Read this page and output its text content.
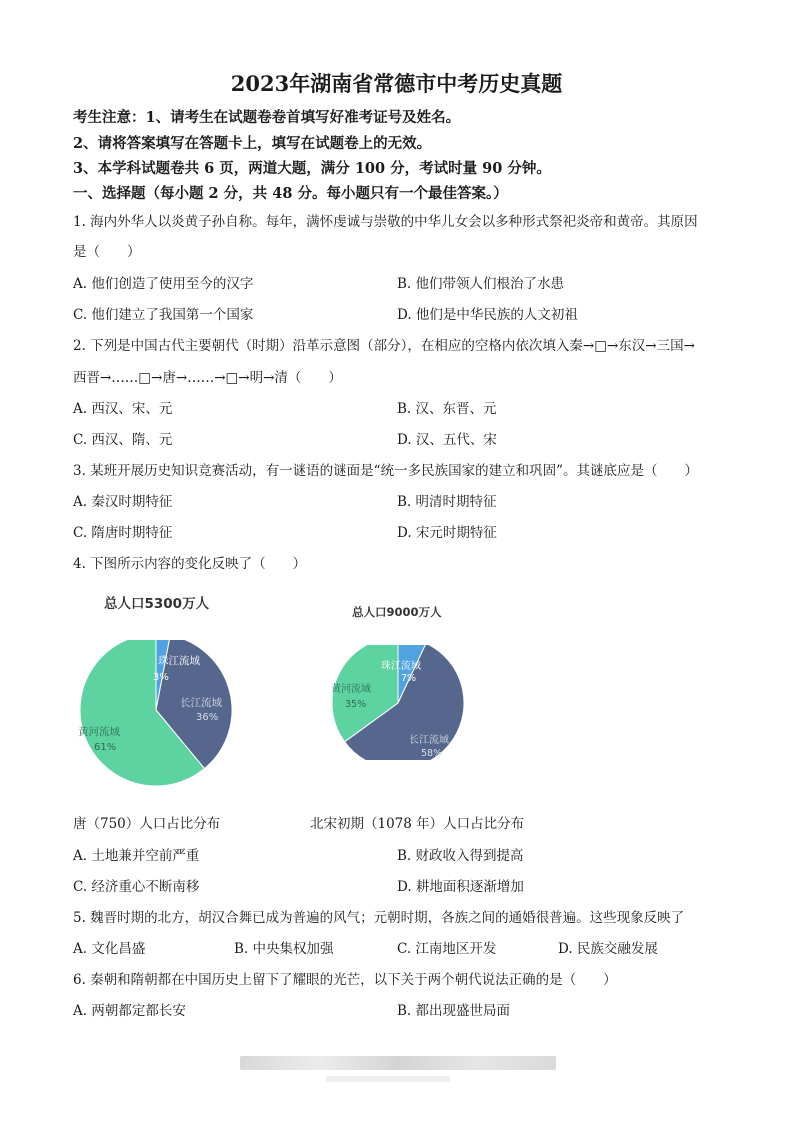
2023年湖南省常德市中考历史真题
考生注意：1、请考生在试题卷卷首填写好准考证号及姓名。
2、请将答案填写在答题卡上，填写在试题卷上的无效。
3、本学科试题卷共 6 页，两道大题，满分 100 分，考试时量 90 分钟。
一、选择题（每小题 2 分，共 48 分。每小题只有一个最佳答案。）
1. 海内外华人以炎黄子孙自称。每年，满怀虔诚与崇敬的中华儿女会以多种形式祭祀炎帝和黄帝。其原因
是（　　）
A. 他们创造了使用至今的汉字	B. 他们带领人们根治了水患
C. 他们建立了我国第一个国家	D. 他们是中华民族的人文初祖
2. 下列是中国古代主要朝代（时期）沿革示意图（部分），在相应的空格内依次填入秦→□→东汉→三国→
西晋→……□→唐→……→□→明→清（　　）
A. 西汉、宋、元	B. 汉、东晋、元
C. 西汉、隋、元	D. 汉、五代、宋
3. 某班开展历史知识竞赛活动，有一谜语的谜面是“统一多民族国家的建立和巩固”。其谜底应是（　　）
A. 秦汉时期特征	B. 明清时期特征
C. 隋唐时期特征	D. 宋元时期特征
4. 下图所示内容的变化反映了（　　）
总人口5300万人
珠江流域
3%
长江流域
36%
黄河流域
61%
总人口9000万人
珠江流域
7%
黄河流域
35%
长江流域
58%
唐（750）人口占比分布	北宋初期（1078 年）人口占比分布
A. 土地兼并空前严重	B. 财政收入得到提高
C. 经济重心不断南移	D. 耕地面积逐渐增加
5. 魏晋时期的北方，胡汉合舞已成为普遍的风气；元朝时期，各族之间的通婚很普遍。这些现象反映了
A. 文化昌盛	B. 中央集权加强	C. 江南地区开发	D. 民族交融发展
6. 秦朝和隋朝都在中国历史上留下了耀眼的光芒，以下关于两个朝代说法正确的是（　　）
A. 两朝都定都长安	B. 都出现盛世局面
